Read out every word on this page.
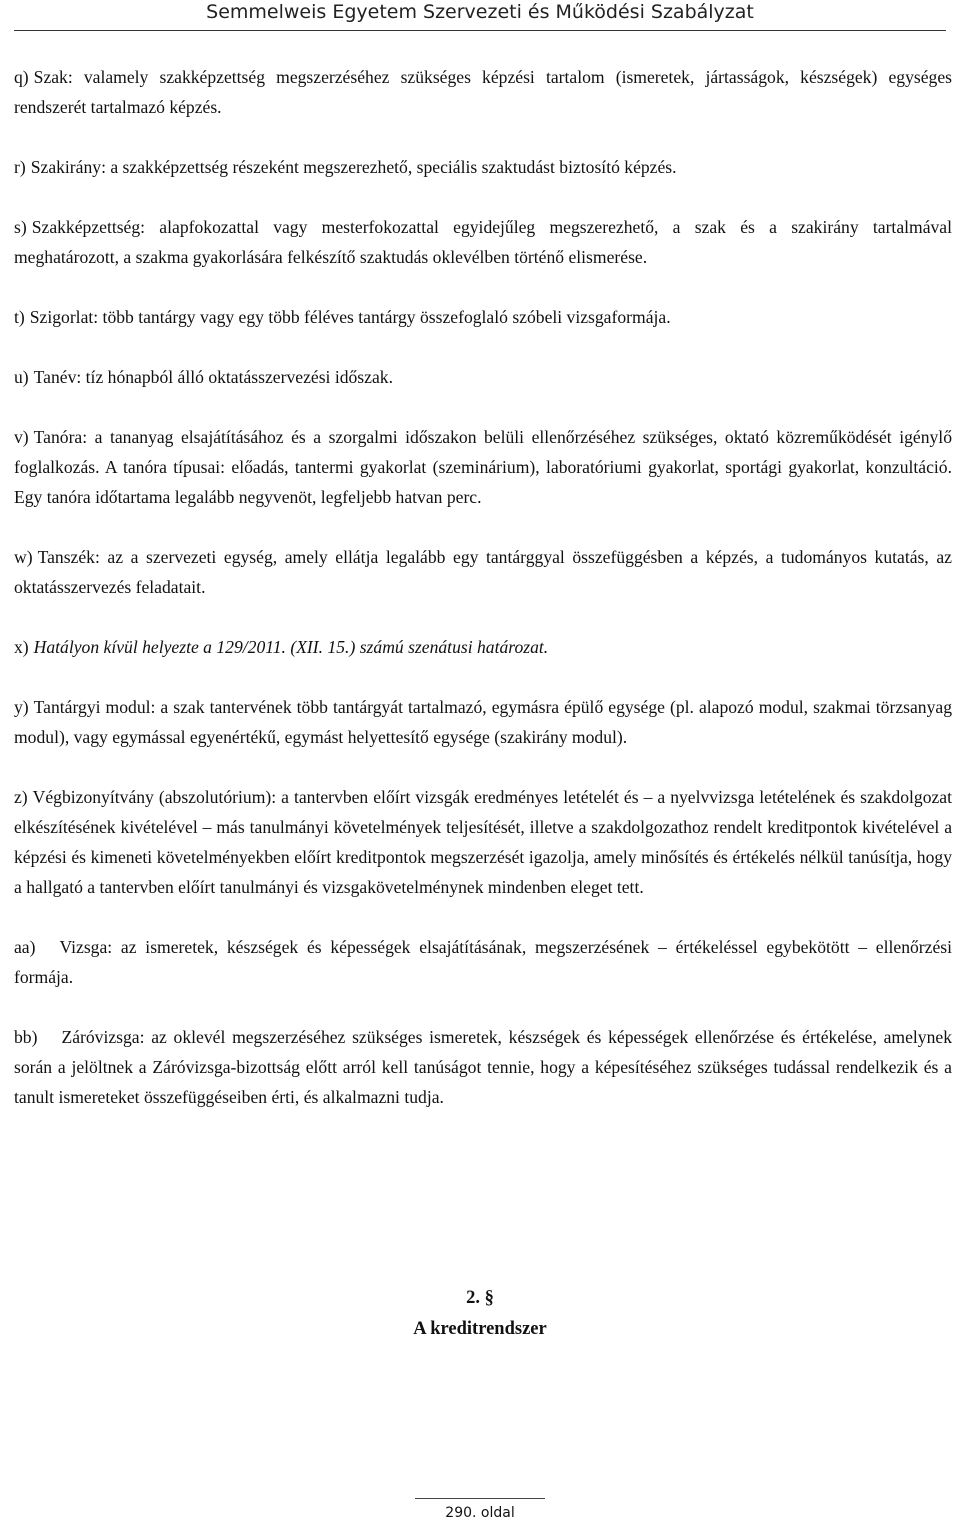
Semmelweis Egyetem Szervezeti és Működési Szabályzat
q) Szak: valamely szakképzettség megszerzéséhez szükséges képzési tartalom (ismeretek, jártasságok, készségek) egységes rendszerét tartalmazó képzés.
r) Szakirány: a szakképzettség részeként megszerezhető, speciális szaktudást biztosító képzés.
s) Szakképzettség: alapfokozattal vagy mesterfokozattal egyidejűleg megszerezhető, a szak és a szakirány tartalmával meghatározott, a szakma gyakorlására felkészítő szaktudás oklevélben történő elismerése.
t) Szigorlat: több tantárgy vagy egy több féléves tantárgy összefoglaló szóbeli vizsgaformája.
u) Tanév: tíz hónapból álló oktatásszervezési időszak.
v) Tanóra: a tananyag elsajátításához és a szorgalmi időszakon belüli ellenőrzéséhez szükséges, oktató közreműködését igénylő foglalkozás. A tanóra típusai: előadás, tantermi gyakorlat (szeminárium), laboratóriumi gyakorlat, sportági gyakorlat, konzultáció. Egy tanóra időtartama legalább negyvenöt, legfeljebb hatvan perc.
w) Tanszék: az a szervezeti egység, amely ellátja legalább egy tantárggyal összefüggésben a képzés, a tudományos kutatás, az oktatásszervezés feladatait.
x) Hatályon kívül helyezte a 129/2011. (XII. 15.) számú szenátusi határozat.
y) Tantárgyi modul: a szak tantervének több tantárgyát tartalmazó, egymásra épülő egysége (pl. alapozó modul, szakmai törzsanyag modul), vagy egymással egyenértékű, egymást helyettesítő egysége (szakirány modul).
z) Végbizonyítvány (abszolutórium): a tantervben előírt vizsgák eredményes letételét és – a nyelvvizsga letételének és szakdolgozat elkészítésének kivételével – más tanulmányi követelmények teljesítését, illetve a szakdolgozathoz rendelt kreditpontok kivételével a képzési és kimeneti követelményekben előírt kreditpontok megszerzését igazolja, amely minősítés és értékelés nélkül tanúsítja, hogy a hallgató a tantervben előírt tanulmányi és vizsgakövetelménynek mindenben eleget tett.
aa) Vizsga: az ismeretek, készségek és képességek elsajátításának, megszerzésének – értékeléssel egybekötött – ellenőrzési formája.
bb) Záróvizsga: az oklevél megszerzéséhez szükséges ismeretek, készségek és képességek ellenőrzése és értékelése, amelynek során a jelöltnek a Záróvizsga-bizottság előtt arról kell tanúságot tennie, hogy a képesítéséhez szükséges tudással rendelkezik és a tanult ismereteket összefüggéseiben érti, és alkalmazni tudja.
2. §
A kreditrendszer
290. oldal
